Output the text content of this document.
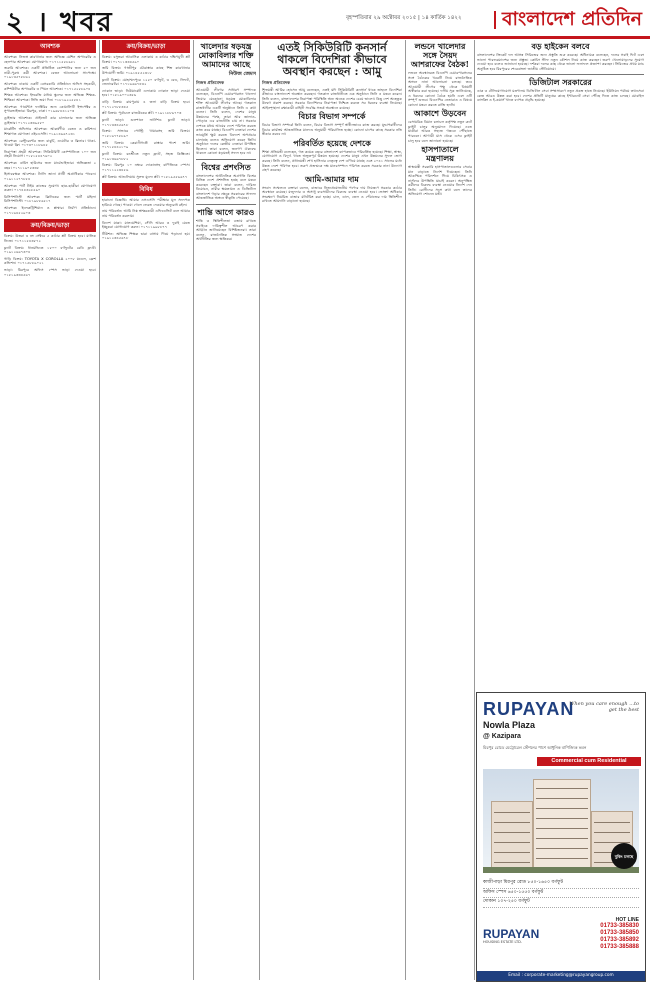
২ । খবর	বৃহস্পতিবার ২৯ অক্টোবর ২০১৫ | ১৪ কার্তিক ১৪২২	বাংলাদেশ প্রতিদিন
আবশ্যক
আবশ্যক: নিজস্ব কারখানার জন্য অভিজ্ঞ মেশিন অপারেটর ও হেলপার আবশ্যক। যোগাযোগ: ০১৭১১৫৫৮৯৮১
জরুরি আবশ্যক: একটি প্রতিষ্ঠিত কোম্পানির জন্য ৫০ জন নারী-পুরুষ কর্মী আবশ্যক। বেতন আলোচনা সাপেক্ষে। ০১৯১৩৫৭৮৮৬২
আবশ্যক: ঢাকায় একটি বেসরকারি প্রতিষ্ঠানে অফিস সহকারী, কম্পিউটার অপারেটর ও পিয়ন আবশ্যক। ০১৭১৫২৮৮৯০৪
শিক্ষক আবশ্যক: ইংরেজি মাধ্যম স্কুলের জন্য অভিজ্ঞ শিক্ষক-শিক্ষিকা আবশ্যক। সিভি জমা দিন। ০১৮১৯২২৫৫৪১
আবশ্যক: গার্মেন্টস ফ্যাক্টরির জন্য কোয়ালিটি ইন্সপেক্টর ও সুপারভাইজার। মিরপুর, ঢাকা। ০১৯৬৮৪৪১২০৩
ড্রাইভার আবশ্যক: প্রাইভেট কার চালানোর জন্য অভিজ্ঞ ড্রাইভার। ০১৭১২৩৩৯৫৮০
মার্কেটিং অফিসার আবশ্যক: আকর্ষণীয় বেতন ও কমিশন। শিক্ষাগত যোগ্যতা এইচএসসি। ০১৯১৪৬৬৭২৩১
আবশ্যক: রেস্টুরেন্টের জন্য বাবুর্চি, ওয়েটার ও ক্লিনার। থাকা-খাওয়া ফ্রি। ০১৭৩০১১৮৬৪৫
নিরাপত্তা প্রহরী আবশ্যক: সিকিউরিটি কোম্পানিতে ১০০ জন প্রহরী নিয়োগ। ০১৮১৫৪৪৭৬০২
আবশ্যক: বায়িং হাউসের জন্য মার্চেন্ডাইজার। অভিজ্ঞতা ২ বছর। ০১৭১১৯০৫৩৩৮
হিসাবরক্ষক আবশ্যক: ট্যালি জানা প্রার্থী অগ্রাধিকার পাবেন। ০১৯১১২৭৭৮৫৪
আবশ্যক: পার্ট টাইম কাজের সুযোগ। ছাত্র-ছাত্রীরা যোগাযোগ করুন। ০১৭৪৪৩২৮৫৯০
রিসিপশনিস্ট আবশ্যক: ক্লিনিকের জন্য স্মার্ট মহিলা রিসিপশনিস্ট। ০১৮১৯৮৮৬৫১৭
আবশ্যক: ইলেকট্রিশিয়ান ও প্লাম্বার। নির্মাণ প্রতিষ্ঠানে। ০১৭১৬৪৫২৯০৩
ক্রয়/বিক্রয়/ভাড়া
বিক্রয়: উত্তরা ৩ নং সেক্টরে ৫ কাঠার প্লট বিক্রয় হবে। মালিক নিজে। ০১৭১১৫৪৩৮৭২
ফ্ল্যাট বিক্রয়: ধানমন্ডিতে ১৮০০ বর্গফুটের রেডি ফ্ল্যাট। ০১৯১২৬৬৭৩০৪
গাড়ি বিক্রয়: TOYOTA X COROLLA ২০০৮ মডেল, ফ্রেশ কন্ডিশন। ০১৭১৫৮৮৯০২১
ভাড়া: মিরপুরে অফিস স্পেস ভাড়া দেওয়া হবে। ০১৮১৯৩৩৪৫৬৭
ক্রয়/বিক্রয়/ভাড়া
বিক্রয়: বসুন্ধরা আবাসিক এলাকায় ৩ কাঠার দক্ষিণমুখী প্লট বিক্রয়। ০১৭১১৩৩৪৫৯০
জমি বিক্রয়: গাজীপুর চৌরাস্তার কাছে শিল্প কারখানার উপযোগী জমি। ০১৯১৪৫৫২৩১৮
ফ্ল্যাট বিক্রয়: মোহাম্মদপুরে ১২৫০ বর্গফুট, ৩ বেড, লিফট, জেনারেটর। ০১৭১৬৬৬৭৪৩২
দোকান ভাড়া: নিউমার্কেট এলাকায় দোকান ভাড়া দেওয়া হবে। ০১৮১৯০০২৩৫৬
বাড়ি বিক্রয়: রামপুরায় ৪ তলা বাড়ি বিক্রয় হবে। ০১৭১২৭৮৮৩৪৫
প্লট বিক্রয়: পূর্বাচলে রাজউকের প্লট। ০১৯১১৮৮৬৭০৩
ফ্ল্যাট ভাড়া: গুলশানে ফার্নিশড ফ্ল্যাট ভাড়া। ০১৭১৩৩৪৫৬৭৮
বিক্রয়: সাভারে পোল্ট্রি খামারসহ জমি বিক্রয়। ০১৮১৬৭৭৮৮৯০
জমি বিক্রয়: কেরানীগঞ্জে রাস্তার পাশে জমি। ০১৭১৫৪৪২১০৯
ফ্ল্যাট বিক্রয়: বনশ্রীতে নতুন ফ্ল্যাট, সহজ কিস্তিতে। ০১৯১৩৬৬৭৮৮২
বিক্রয়: মিরপুর ১০ নম্বরে দোকানসহ বাণিজ্যিক স্পেস। ০১৭১১২২৩৪৫৬
প্লট বিক্রয়: আশুলিয়ায় সুলভ মূল্যে প্লট। ০১৮১৯৫৫৬৬৭৭
বিবিধ
হারানো বিজ্ঞপ্তি: আমার এসএসসি পরীক্ষার মূল সনদপত্র হারিয়ে গেছে। পাওয়া গেলে ফেরত দেওয়ার অনুরোধ রইল।
নাম পরিবর্তন: আমি নিম্ন স্বাক্ষরকারী এফিডেভিট বলে আমার নাম পরিবর্তন করলাম।
বিদেশ যাত্রা: মালয়েশিয়া, সৌদি আরব ও দুবাই যেতে ইচ্ছুকরা যোগাযোগ করুন। ০১৭১১৯৯৮৮৭৭
টিউশন: অভিজ্ঞ শিক্ষক দ্বারা বাসায় গিয়ে পড়ানো হয়। ০১৯১২৩৪৫৬৭৮
খালেদার ষড়যন্ত্র মোকাবিলার শক্তি আমাদের আছে
নিউজ জেমস
নিজস্ব প্রতিবেদক
আওয়ামী লীগের সাধারণ সম্পাদক বলেছেন, বিএনপি চেয়ারপারসন খালেদা জিয়ার যেকোনো ষড়যন্ত্র মোকাবিলার শক্তি আওয়ামী লীগের আছে। গতকাল রাজধানীর একটি অনুষ্ঠানে তিনি এ কথা বলেন। তিনি বলেন, দেশের মানুষ উন্নয়নের পক্ষে, তারা আর জ্বালাও-পোড়াও এর রাজনীতি চায় না। সরকার দেশকে মধ্যম আয়ের দেশে পরিণত করতে কাজ করে যাচ্ছে। বিএনপি নেতারা দেশের ভাবমূর্তি ক্ষুণ্ণ করতে বিদেশে অপপ্রচার চালাচ্ছে বলেও অভিযোগ করেন তিনি। অনুষ্ঠানে দলের কেন্দ্রীয় নেতারা উপস্থিত ছিলেন। তারা বলেন, জনগণ ঐক্যবদ্ধ থাকলে কোনো ষড়যন্ত্রই সফল হবে না।
বিশ্বের প্রশংসিত
বাংলাদেশের অর্থনৈতিক অগ্রগতি বিশ্বের বিভিন্ন দেশে প্রশংসিত হচ্ছে বলে মন্তব্য করেছেন বক্তারা। তারা বলেন, দারিদ্র্য বিমোচন, নারীর ক্ষমতায়ন ও ডিজিটাল বাংলাদেশ গড়ার ক্ষেত্রে সরকারের সাফল্য আন্তর্জাতিক অঙ্গনে স্বীকৃতি পেয়েছে।
শান্তি আগে কারও
শান্তি ও স্থিতিশীলতা বজায় রাখতে সবাইকে দায়িত্বশীল আচরণ করার আহ্বান জানিয়েছেন বিশিষ্টজনরা। তারা বলেন, রাজনৈতিক সংঘাত দেশের অর্থনীতির জন্য ক্ষতিকর।
এতই সিকিউরিটি কনসার্ন থাকলে বিদেশিরা কীভাবে অবস্থান করছেন : আমু
নিজস্ব প্রতিবেদক
শিল্পমন্ত্রী আমির হোসেন আমু বলেছেন, এতই যদি সিকিউরিটি কনসার্ন থাকে তাহলে বিদেশিরা কীভাবে বাংলাদেশে অবস্থান করছেন। গতকাল রাজধানীতে এক অনুষ্ঠানে তিনি এ মন্তব্য করেন। তিনি বলেন, বাংলাদেশের নিরাপত্তা পরিস্থিতি অন্য অনেক দেশের চেয়ে ভালো। কিছু দেশ অহেতুক উদ্বেগ প্রকাশ করছে। সরকার বিদেশিদের নিরাপত্তা নিশ্চিত করতে সব ধরনের ব্যবস্থা নিয়েছে। আইনশৃঙ্খলা রক্ষাকারী বাহিনী সর্বোচ্চ সতর্ক অবস্থানে রয়েছে।
বিচার বিভাগ সম্পর্কে
বিচার বিভাগ সম্পর্কে তিনি বলেন, বিচার বিভাগ সম্পূর্ণ স্বাধীনভাবে কাজ করছে। যুদ্ধাপরাধীদের বিচার কার্যক্রম আন্তর্জাতিক মানদণ্ড অনুযায়ী পরিচালিত হচ্ছে। কোনো চাপের কাছে সরকার নতি স্বীকার করবে না।
পরিবর্তিত হয়েছে দেশকে
শিক্ষা প্রতিমন্ত্রী বলেছেন, গত কয়েক বছরে বাংলাদেশ ব্যাপকভাবে পরিবর্তিত হয়েছে। শিক্ষা, স্বাস্থ্য, যোগাযোগ ও বিদ্যুৎ খাতে অভূতপূর্ব উন্নয়ন হয়েছে। দেশের মানুষ এখন উন্নয়নের সুফল ভোগ করছে। তিনি বলেন, প্রধানমন্ত্রী শেখ হাসিনার নেতৃত্বে দেশ এগিয়ে যাচ্ছে এবং ২০৪১ সালের মধ্যে উন্নত দেশে পরিণত হবে। তরুণ প্রজন্মকে দক্ষ মানবসম্পদে পরিণত করতে সরকার নানা উদ্যোগ গ্রহণ করেছে।
আমি-আমার দাম
সংবাদ সম্মেলনে বক্তারা বলেন, বাজারে নিত্যপ্রয়োজনীয় পণ্যের দাম নিয়ন্ত্রণে সরকার কঠোর অবস্থানে রয়েছে। মজুদদার ও অসাধু ব্যবসায়ীদের বিরুদ্ধে ব্যবস্থা নেওয়া হবে। ভোক্তা অধিকার সংরক্ষণে নিয়মিত বাজার মনিটরিং করা হচ্ছে। চাল, ডাল, তেল ও পেঁয়াজের দাম স্থিতিশীল রাখতে আমদানি বাড়ানো হয়েছে।
লন্ডনে খালেদার সঙ্গে সৈয়দ আশরাফের বৈঠক!
লন্ডনে অবস্থানরত বিএনপি চেয়ারপারসনের সঙ্গে বৈঠকের খবরটি নিয়ে রাজনৈতিক অঙ্গনে নানা আলোচনা চলছে। তবে আওয়ামী লীগের পক্ষ থেকে বিষয়টি অস্বীকার করা হয়েছে। দলীয় সূত্র জানিয়েছে, এ ধরনের কোনো বৈঠক হয়নি এবং এটি সম্পূর্ণ গুজব। বিএনপির নেতারাও এ বিষয়ে কোনো মন্তব্য করতে রাজি হননি।
আকাশে উড়বেন
বেসামরিক বিমান চলাচল কর্তৃপক্ষ নতুন রুটে ফ্লাইট চালুর অনুমোদন দিয়েছে। এতে যাত্রীরা আরও সহজে গন্তব্যে পৌঁছাতে পারবেন। আগামী মাস থেকে এসব ফ্লাইট চালু হবে বলে জানানো হয়েছে।
হাসপাতালে মন্ত্রণালয়
স্বাস্থ্যমন্ত্রী সরকারি হাসপাতালগুলোর সেবার মান বাড়াতে নির্দেশ দিয়েছেন। তিনি আকস্মিক পরিদর্শনে গিয়ে চিকিৎসক ও নার্সদের উপস্থিতি যাচাই করেন। অনুপস্থিত কর্মীদের বিরুদ্ধে ব্যবস্থা নেওয়ার নির্দেশ দেন তিনি। রোগীদের সঙ্গে কথা বলে তাদের অভিযোগ শোনেন মন্ত্রী।
বড় হাইকেন বলবে
বাংলাদেশের ক্রিকেট দল আসন্ন সিরিজের জন্য প্রস্তুতি শুরু করেছে। অধিনায়ক বলেছেন, দলের সবাই ফিট এবং ভালো পারফরম্যান্সের জন্য প্রস্তুত। কোচিং স্টাফ নতুন কৌশল নিয়ে কাজ করছেন। তরুণ খেলোয়াড়দের সুযোগ দেওয়া হবে বলেও জানানো হয়েছে। দর্শকরা দলের কাছ থেকে ভালো ফলাফল প্রত্যাশা করছেন। সিরিজের প্রথম ম্যাচ অনুষ্ঠিত হবে মিরপুরের শেরেবাংলা জাতীয় স্টেডিয়ামে।
ডিজিটাল সরকারের
ডাক ও টেলিযোগাযোগ মন্ত্রণালয় ডিজিটাল সেবা সম্প্রসারণে নতুন প্রকল্প হাতে নিয়েছে। ইউনিয়ন পর্যায়ে তথ্যসেবা কেন্দ্র আরও উন্নত করা হবে। দেশের প্রতিটি মানুষের কাছে ইন্টারনেট সেবা পৌঁছে দিতে কাজ চলছে। মোবাইল ব্যাংকিং ও ই-কমার্স খাতে ব্যাপক প্রবৃদ্ধি হয়েছে।
RUPAYAN
When you care enough ...to get the best
Nowla Plaza
@ Kazipara
মিরপুর রোডে মেট্রোরেল স্টেশনের পাশে আধুনিক বাণিজ্যিক ভবন
Commercial cum Residential
বুকিং চলছে
কাজীপাড়া মিরপুর রোড ৮৫০-১৬৫০ বর্গফুট
অফিস স্পেস ৬৫০-১৫৫০ বর্গফুট
দোকান ১০৭-২৫০ বর্গফুট
RUPAYAN
HOUSING ESTATE LTD.
HOT LINE
01733-385830
01733-385850
01733-385892
01733-385888
Email : corporate-marketing@rupayangroup.com
